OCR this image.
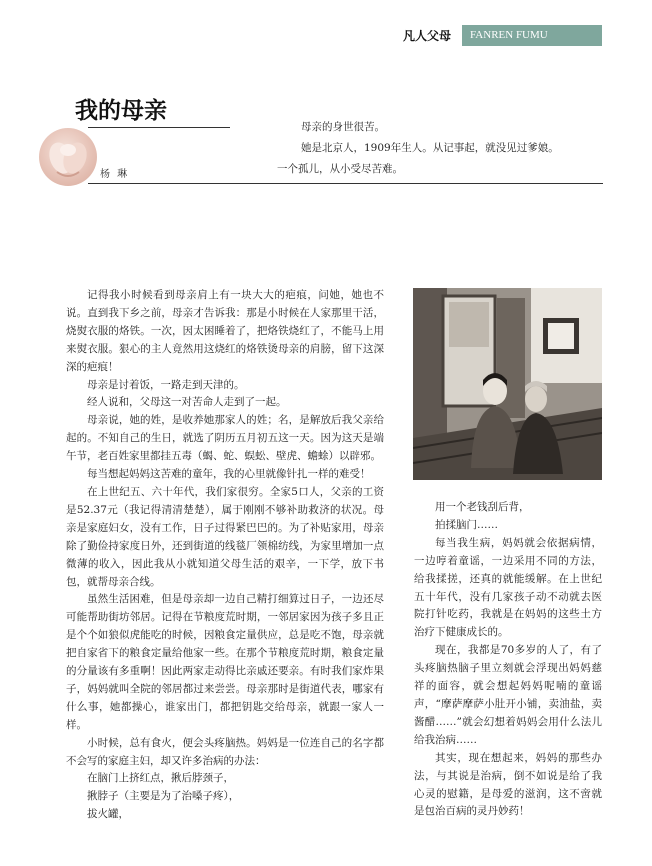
凡人父母	FANREN FUMU
我的母亲
杨 琳

母亲的身世很苦。

她是北京人，1909年生人。从记事起，就没见过爹娘。

一个孤儿，从小受尽苦难。

记得我小时候看到母亲肩上有一块大大的疤痕，问她，她也不说。直到我下乡之前，母亲才告诉我：那是小时候在人家那里干活，烧熨衣服的烙铁。一次，因太困睡着了，把烙铁烧红了，不能马上用来熨衣服。狠心的主人竟然用这烧红的烙铁烫母亲的肩膀，留下这深深的疤痕！

母亲是讨着饭，一路走到天津的。

经人说和，父母这一对苦命人走到了一起。

母亲说，她的姓，是收养她那家人的姓；名，是解放后我父亲给起的。不知自己的生日，就选了阴历五月初五这一天。因为这天是端午节，老百姓家里都挂五毒（蝎、蛇、蜈蚣、壁虎、蟾蜍）以辟邪。

每当想起妈妈这苦难的童年，我的心里就像针扎一样的难受！

在上世纪五、六十年代，我们家很穷。全家5口人，父亲的工资是52.37元（我记得清清楚楚），属于刚刚不够补助救济的状况。母亲是家庭妇女，没有工作，日子过得紧巴巴的。为了补贴家用，母亲除了勤俭持家度日外，还到街道的线毯厂领棉纺线，为家里增加一点微薄的收入，因此我从小就知道父母生活的艰辛，一下学，放下书包，就帮母亲合线。

虽然生活困难，但是母亲却一边自己精打细算过日子，一边还尽可能帮助街坊邻居。记得在节粮度荒时期，一邻居家因为孩子多且正是个个如狼似虎能吃的时候，因粮食定量供应，总是吃不饱，母亲就把自家省下的粮食定量给他家一些。在那个节粮度荒时期，粮食定量的分量该有多重啊！因此两家走动得比亲戚还要亲。有时我们家炸果子，妈妈就叫全院的邻居都过来尝尝。母亲那时是街道代表，哪家有什么事，她都操心，谁家出门，都把钥匙交给母亲，就跟一家人一样。

小时候，总有食火，便会头疼脑热。妈妈是一位连自己的名字都不会写的家庭主妇，却又许多治病的办法：

在脑门上挤红点，揪后脖颈子，

揪脖子（主要是为了治嗓子疼），

拔火罐，

用一个老钱刮后背，

拍揉脑门……

每当我生病，妈妈就会依据病情，一边哼着童谣，一边采用不同的方法，给我揉搓，还真的就能缓解。在上世纪五十年代，没有几家孩子动不动就去医院打针吃药，我就是在妈妈的这些土方治疗下健康成长的。

现在，我都是70多岁的人了，有了头疼脑热脑子里立刻就会浮现出妈妈慈祥的面容，就会想起妈妈呢喃的童谣声，“摩萨摩萨小肚开小铺，卖油盐，卖酱醋……”就会幻想着妈妈会用什么法儿给我治病……

其实，现在想起来，妈妈的那些办法，与其说是治病，倒不如说是给了我心灵的慰籍，是母爱的滋润，这不啻就是包治百病的灵丹妙药！
